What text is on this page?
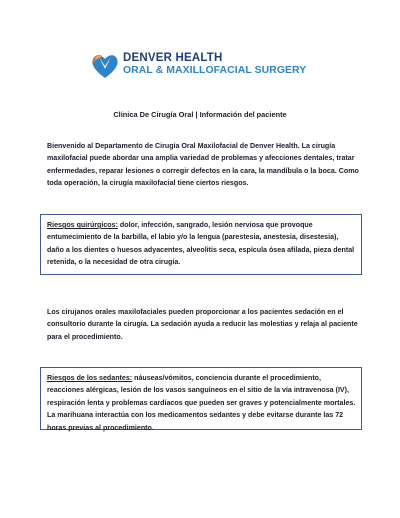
DENVER HEALTH
ORAL & MAXILLOFACIAL SURGERY
Clínica De Cirugía Oral | Información del paciente
Bienvenido al Departamento de Cirugía Oral Maxilofacial de Denver Health. La cirugía maxilofacial puede abordar una amplia variedad de problemas y afecciones dentales, tratar enfermedades, reparar lesiones o corregir defectos en la cara, la mandíbula o la boca. Como toda operación, la cirugía maxilofacial tiene ciertos riesgos.
Riesgos quirúrgicos: dolor, infección, sangrado, lesión nerviosa que provoque entumecimiento de la barbilla, el labio y/o la lengua (parestesia, anestesia, disestesia), daño a los dientes o huesos adyacentes, alveolitis seca, espícula ósea afilada, pieza dental retenida, o la necesidad de otra cirugía.
Los cirujanos orales maxilofaciales pueden proporcionar a los pacientes sedación en el consultorio durante la cirugía. La sedación ayuda a reducir las molestias y relaja al paciente para el procedimiento.
Riesgos de los sedantes: náuseas/vómitos, conciencia durante el procedimiento, reacciones alérgicas, lesión de los vasos sanguíneos en el sitio de la vía intravenosa (IV), respiración lenta y problemas cardíacos que pueden ser graves y potencialmente mortales. La marihuana interactúa con los medicamentos sedantes y debe evitarse durante las 72 horas previas al procedimiento.
